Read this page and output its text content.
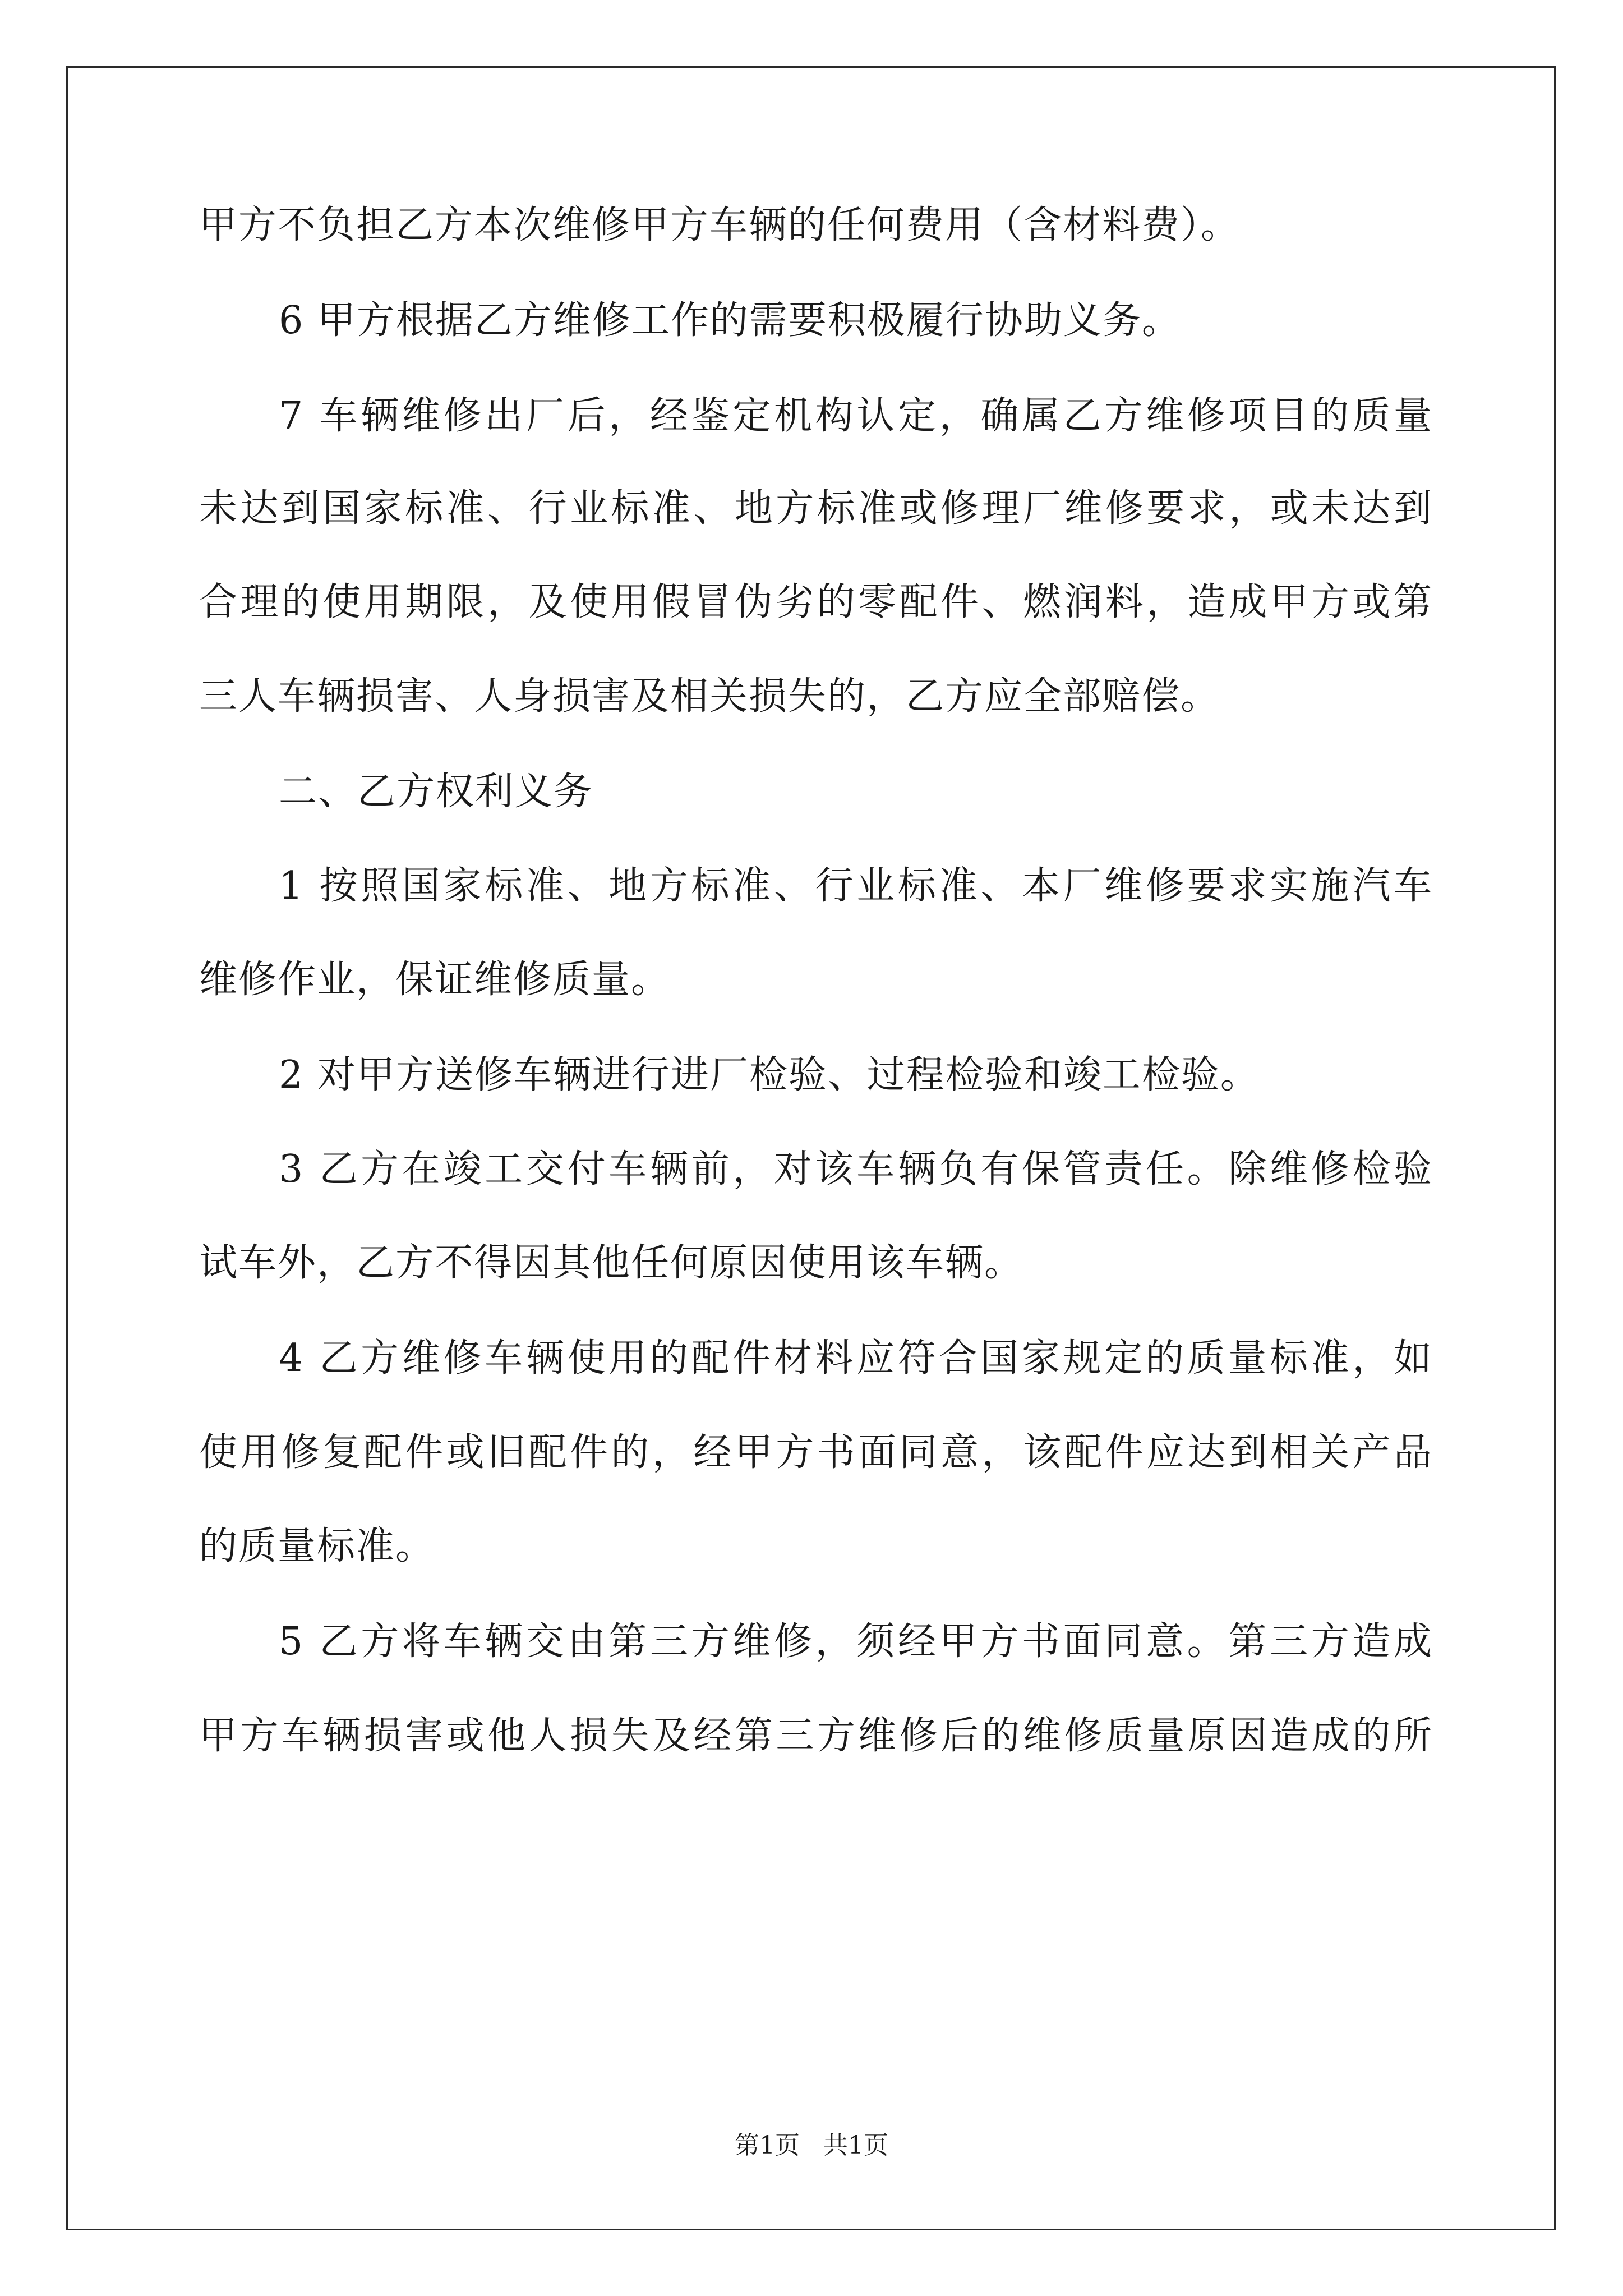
甲方不负担乙方本次维修甲方车辆的任何费用（含材料费）。
6 甲方根据乙方维修工作的需要积极履行协助义务。
7 车辆维修出厂后，经鉴定机构认定，确属乙方维修项目的质量
未达到国家标准、行业标准、地方标准或修理厂维修要求，或未达到
合理的使用期限，及使用假冒伪劣的零配件、燃润料，造成甲方或第
三人车辆损害、人身损害及相关损失的，乙方应全部赔偿。
二、乙方权利义务
1 按照国家标准、地方标准、行业标准、本厂维修要求实施汽车
维修作业，保证维修质量。
2 对甲方送修车辆进行进厂检验、过程检验和竣工检验。
3 乙方在竣工交付车辆前，对该车辆负有保管责任。除维修检验
试车外，乙方不得因其他任何原因使用该车辆。
4 乙方维修车辆使用的配件材料应符合国家规定的质量标准，如
使用修复配件或旧配件的，经甲方书面同意，该配件应达到相关产品
的质量标准。
5 乙方将车辆交由第三方维修，须经甲方书面同意。第三方造成
甲方车辆损害或他人损失及经第三方维修后的维修质量原因造成的所
第1页   共1页
